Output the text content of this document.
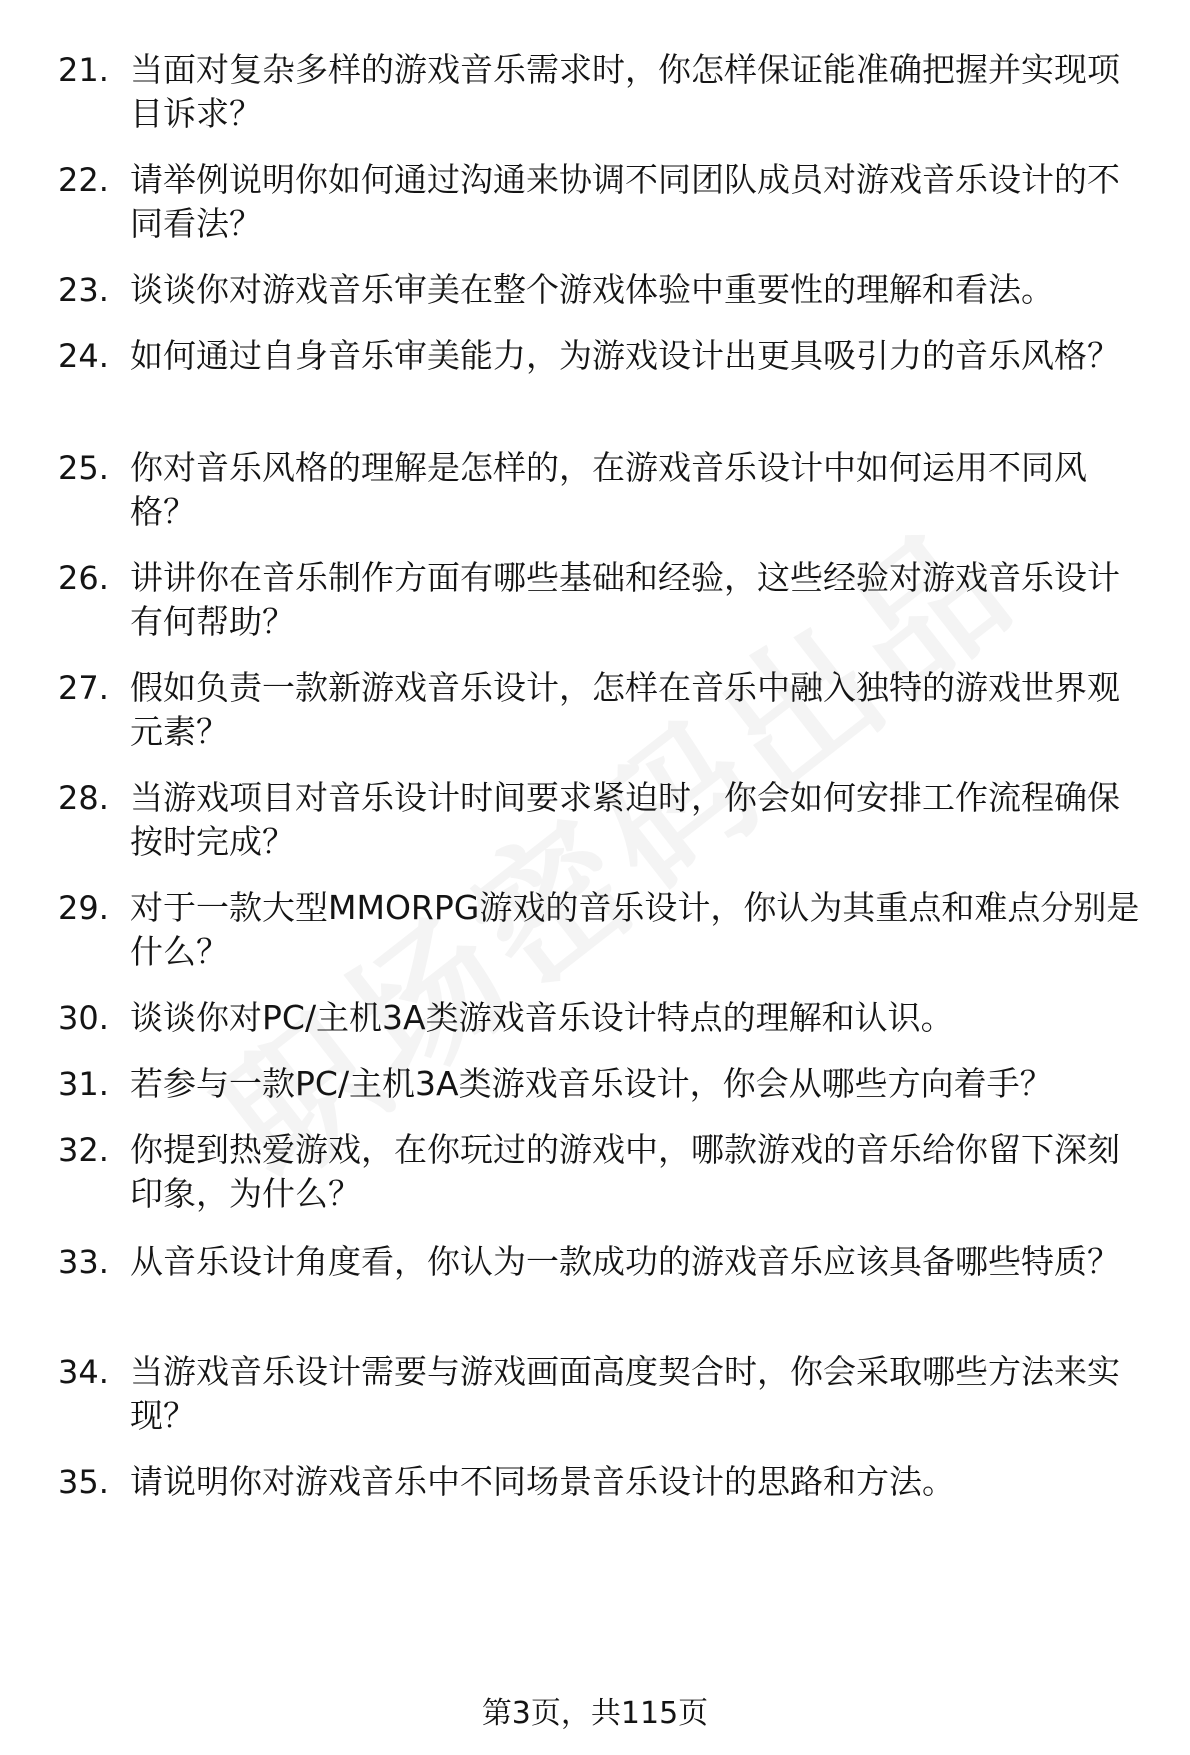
21. 当面对复杂多样的游戏音乐需求时，你怎样保证能准确把握并实现项目诉求？
22. 请举例说明你如何通过沟通来协调不同团队成员对游戏音乐设计的不同看法？
23. 谈谈你对游戏音乐审美在整个游戏体验中重要性的理解和看法。
24. 如何通过自身音乐审美能力，为游戏设计出更具吸引力的音乐风格？
25. 你对音乐风格的理解是怎样的，在游戏音乐设计中如何运用不同风格？
26. 讲讲你在音乐制作方面有哪些基础和经验，这些经验对游戏音乐设计有何帮助？
27. 假如负责一款新游戏音乐设计，怎样在音乐中融入独特的游戏世界观元素？
28. 当游戏项目对音乐设计时间要求紧迫时，你会如何安排工作流程确保按时完成？
29. 对于一款大型MMORPG游戏的音乐设计，你认为其重点和难点分别是什么？
30. 谈谈你对PC/主机3A类游戏音乐设计特点的理解和认识。
31. 若参与一款PC/主机3A类游戏音乐设计，你会从哪些方向着手？
32. 你提到热爱游戏，在你玩过的游戏中，哪款游戏的音乐给你留下深刻印象，为什么？
33. 从音乐设计角度看，你认为一款成功的游戏音乐应该具备哪些特质？
34. 当游戏音乐设计需要与游戏画面高度契合时，你会采取哪些方法来实现？
35. 请说明你对游戏音乐中不同场景音乐设计的思路和方法。
第3页，共115页
